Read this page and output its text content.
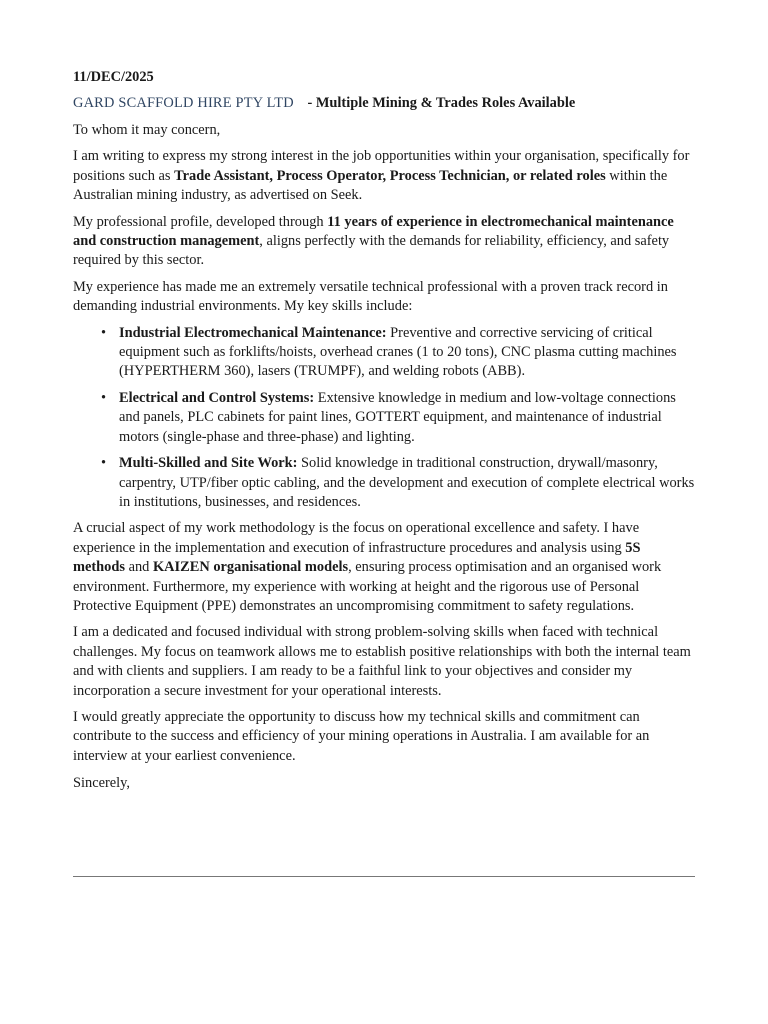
11/DEC/2025
GARD SCAFFOLD HIRE PTY LTD - Multiple Mining & Trades Roles Available

To whom it may concern,

I am writing to express my strong interest in the job opportunities within your organisation, specifically for positions such as Trade Assistant, Process Operator, Process Technician, or related roles within the Australian mining industry, as advertised on Seek.

My professional profile, developed through 11 years of experience in electromechanical maintenance and construction management, aligns perfectly with the demands for reliability, efficiency, and safety required by this sector.

My experience has made me an extremely versatile technical professional with a proven track record in demanding industrial environments. My key skills include:

• Industrial Electromechanical Maintenance: Preventive and corrective servicing of critical equipment such as forklifts/hoists, overhead cranes (1 to 20 tons), CNC plasma cutting machines (HYPERTHERM 360), lasers (TRUMPF), and welding robots (ABB).
• Electrical and Control Systems: Extensive knowledge in medium and low-voltage connections and panels, PLC cabinets for paint lines, GOTTERT equipment, and maintenance of industrial motors (single-phase and three-phase) and lighting.
• Multi-Skilled and Site Work: Solid knowledge in traditional construction, drywall/masonry, carpentry, UTP/fiber optic cabling, and the development and execution of complete electrical works in institutions, businesses, and residences.

A crucial aspect of my work methodology is the focus on operational excellence and safety. I have experience in the implementation and execution of infrastructure procedures and analysis using 5S methods and KAIZEN organisational models, ensuring process optimisation and an organised work environment. Furthermore, my experience with working at height and the rigorous use of Personal Protective Equipment (PPE) demonstrates an uncompromising commitment to safety regulations.

I am a dedicated and focused individual with strong problem-solving skills when faced with technical challenges. My focus on teamwork allows me to establish positive relationships with both the internal team and with clients and suppliers. I am ready to be a faithful link to your objectives and consider my incorporation a secure investment for your operational interests.

I would greatly appreciate the opportunity to discuss how my technical skills and commitment can contribute to the success and efficiency of your mining operations in Australia. I am available for an interview at your earliest convenience.

Sincerely,
